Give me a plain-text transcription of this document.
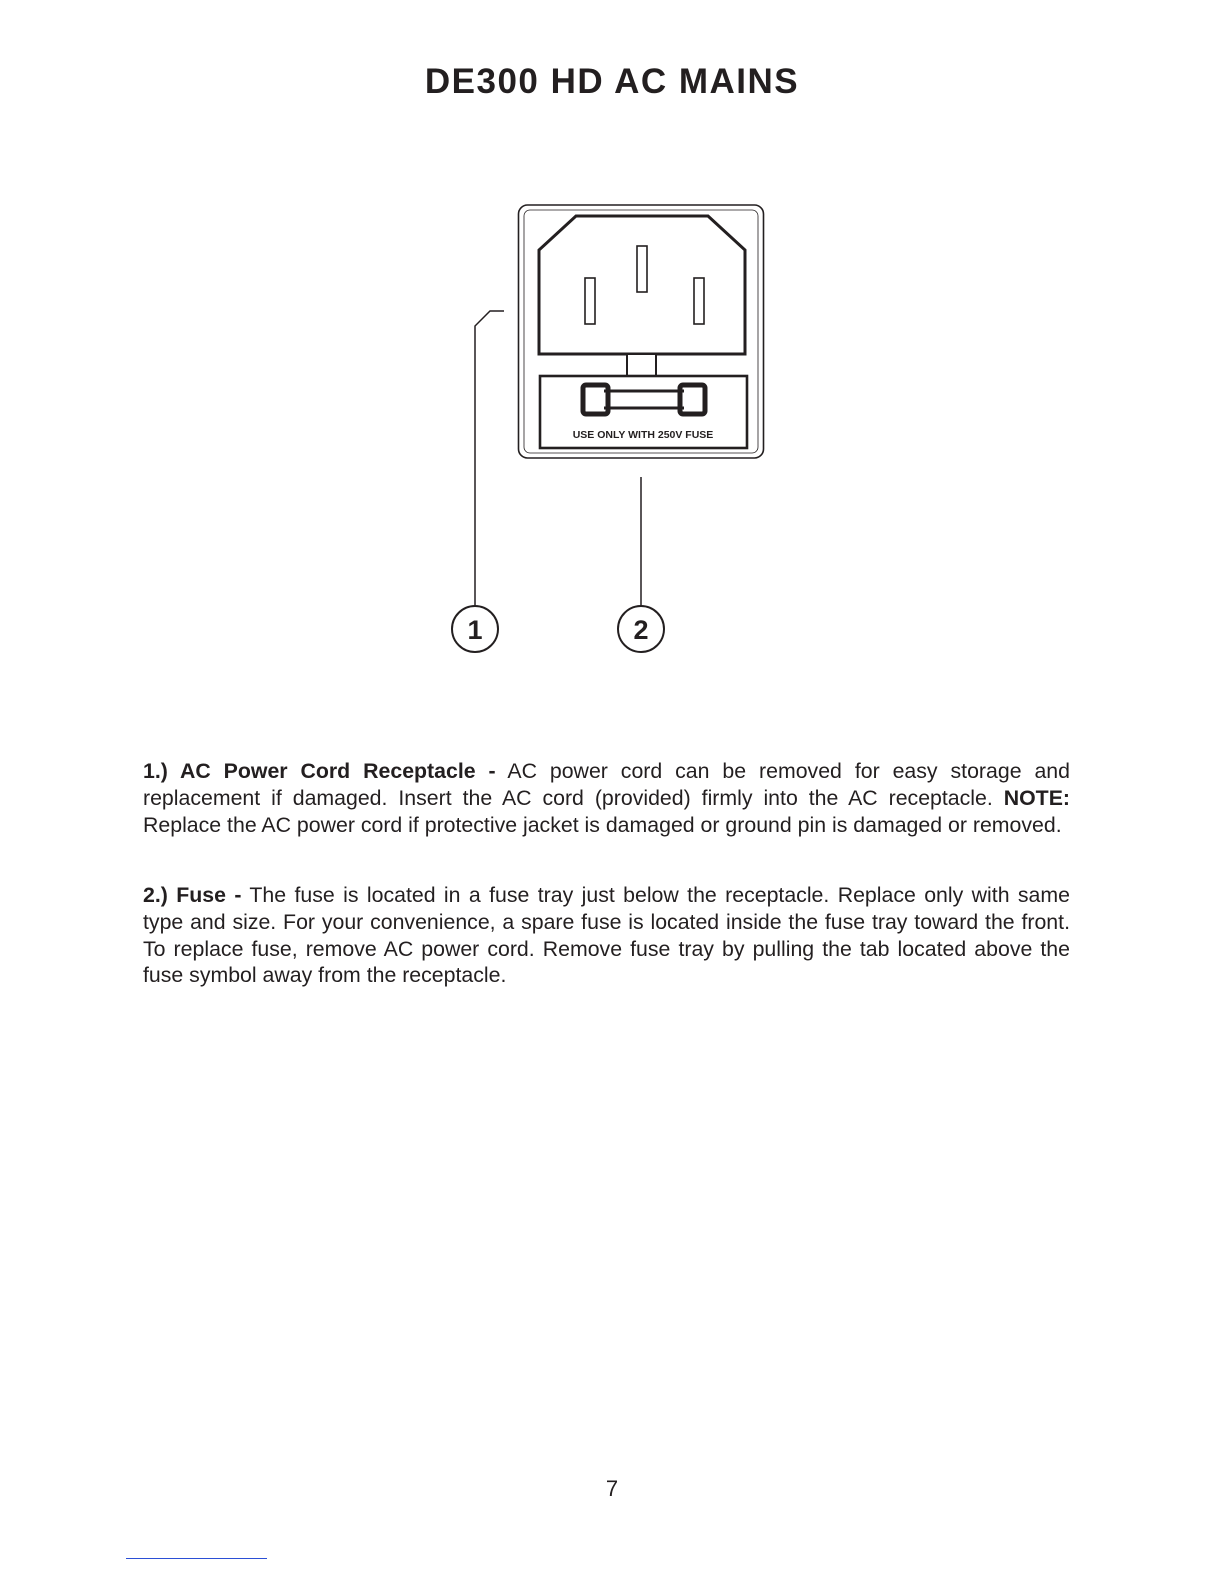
DE300 HD AC MAINS
USE ONLY WITH 250V FUSE
1	2

1.) AC Power Cord Receptacle - AC power cord can be removed for easy storage and replacement if damaged. Insert the AC cord (provided) firmly into the AC receptacle. NOTE: Replace the AC power cord if protective jacket is damaged or ground pin is damaged or removed.

2.) Fuse - The fuse is located in a fuse tray just below the receptacle. Replace only with same type and size. For your convenience, a spare fuse is located inside the fuse tray toward the front. To replace fuse, remove AC power cord. Remove fuse tray by pulling the tab located above the fuse symbol away from the receptacle.

7
